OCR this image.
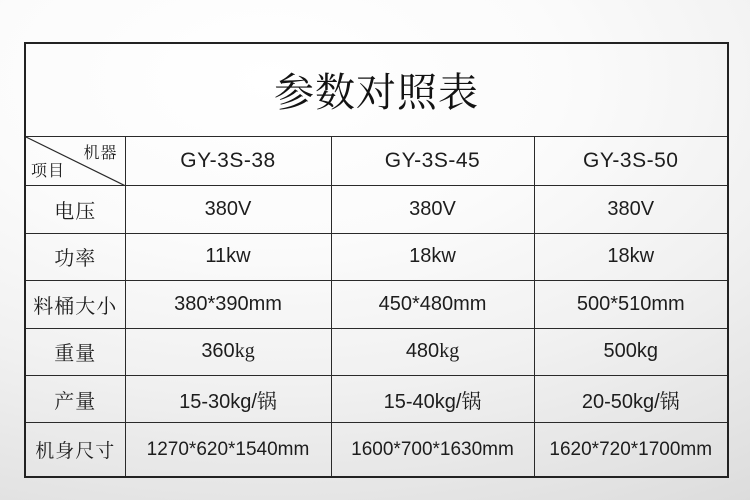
参数对照表			

机器
项目	GY-3S-38	GY-3S-45	GY-3S-50
电压	380V	380V	380V
功率	11kw	18kw	18kw
料桶大小	380*390mm	450*480mm	500*510mm
重量	360kg	480kg	500kg
产量	15-30kg/锅	15-40kg/锅	20-50kg/锅
机身尺寸	1270*620*1540mm	1600*700*1630mm	1620*720*1700mm
